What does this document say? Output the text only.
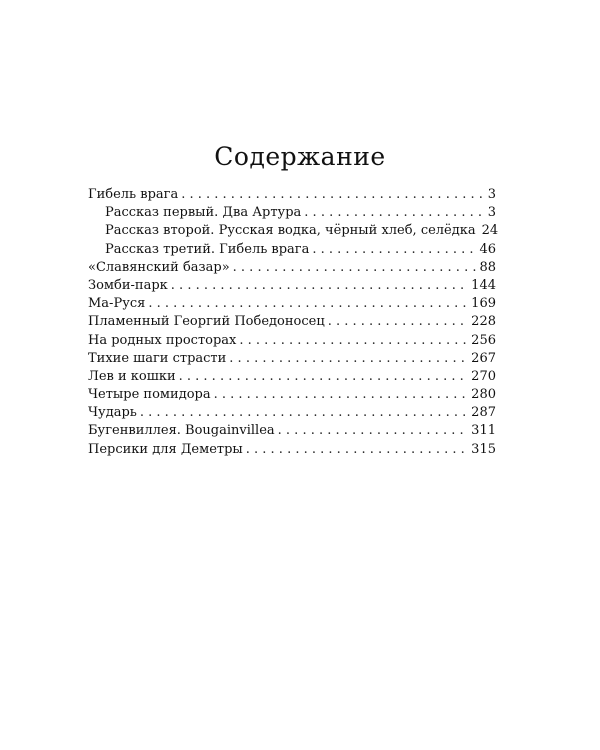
Содержание
Гибель врага . . .	3
Рассказ первый. Два Артура . . .	3
Рассказ второй. Русская водка, чёрный хлеб, селёдка 24
Рассказ третий. Гибель врага . . .	46
«Славянский базар» . . .	88
Зомби-парк . . .	144
Ма-Руся . . .	169
Пламенный Георгий Победоносец . . .	228
На родных просторах . . .	256
Тихие шаги страсти . . .	267
Лев и кошки . . .	270
Четыре помидора . . .	280
Чударь . . .	287
Бугенвиллея. Bougainvillea . . .	311
Персики для Деметры . . .	315
